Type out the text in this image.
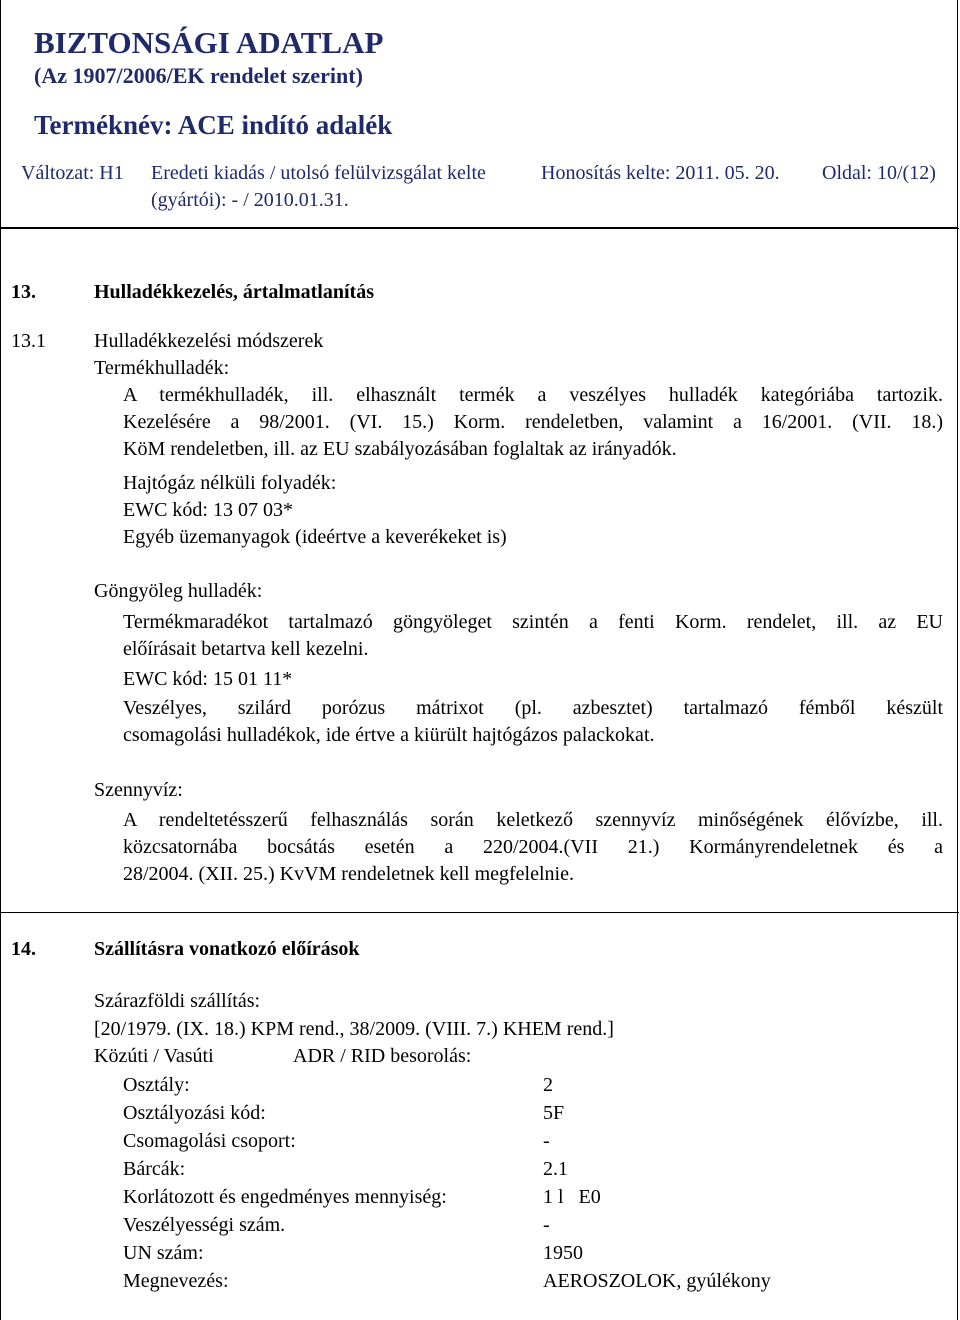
BIZTONSÁGI ADATLAP
(Az 1907/2006/EK rendelet szerint)
Terméknév: ACE indító adalék
Változat: H1 Eredeti kiadás / utolsó felülvizsgálat kelte
(gyártói): - / 2010.01.31.
Honosítás kelte: 2011. 05. 20. Oldal: 10/(12)
13.	Hulladékkezelés, ártalmatlanítás
13.1 Hulladékkezelési módszerek
Termékhulladék:
A termékhulladék, ill. elhasznált termék a veszélyes hulladék kategóriába tartozik.
Kezelésére a 98/2001. (VI. 15.) Korm. rendeletben, valamint a 16/2001. (VII. 18.)
KöM rendeletben, ill. az EU szabályozásában foglaltak az irányadók.
Hajtógáz nélküli folyadék:
EWC kód: 13 07 03*
Egyéb üzemanyagok (ideértve a keverékeket is)
Göngyöleg hulladék:
Termékmaradékot tartalmazó göngyöleget szintén a fenti Korm. rendelet, ill. az EU
előírásait betartva kell kezelni.
EWC kód: 15 01 11*
Veszélyes, szilárd porózus mátrixot (pl. azbesztet) tartalmazó fémből készült
csomagolási hulladékok, ide értve a kiürült hajtógázos palackokat.
Szennyvíz:
A rendeltetésszerű felhasználás során keletkező szennyvíz minőségének élővízbe, ill.
közcsatornába bocsátás esetén a 220/2004.(VII 21.) Kormányrendeletnek és a
28/2004. (XII. 25.) KvVM rendeletnek kell megfelelnie.
14.	Szállításra vonatkozó előírások
Szárazföldi szállítás:
[20/1979. (IX. 18.) KPM rend., 38/2009. (VIII. 7.) KHEM rend.]
Közúti / Vasúti	ADR / RID besorolás:
Osztály:	2
Osztályozási kód:	5F
Csomagolási csoport:	-
Bárcák:	2.1
Korlátozott és engedményes mennyiség:	1 l   E0
Veszélyességi szám.	-
UN szám:	1950
Megnevezés:	AEROSZOLOK, gyúlékony
